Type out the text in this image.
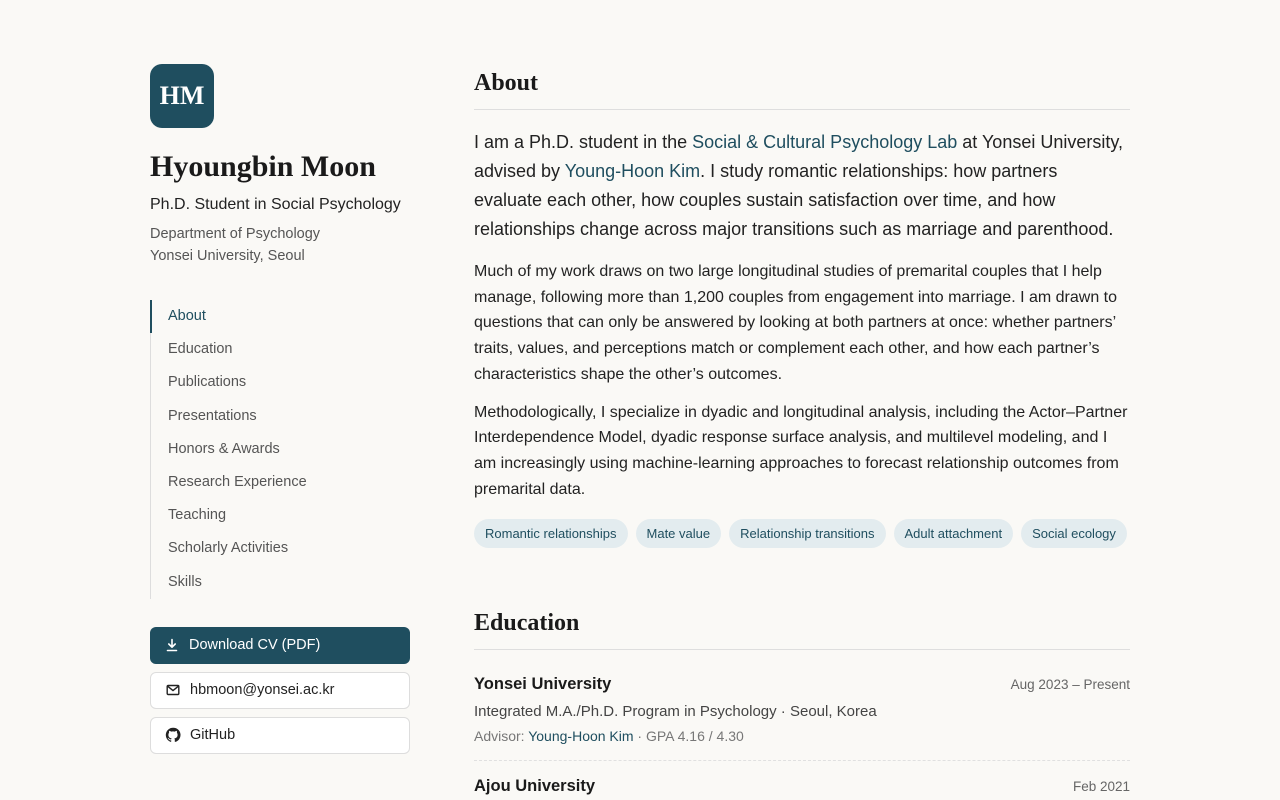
HM
Hyoungbin Moon
Ph.D. Student in Social Psychology
Department of Psychology
Yonsei University, Seoul
About
Education
Publications
Presentations
Honors & Awards
Research Experience
Teaching
Scholarly Activities
Skills
Download CV (PDF)
hbmoon@yonsei.ac.kr
GitHub
About

I am a Ph.D. student in the Social & Cultural Psychology Lab at Yonsei University, advised by Young-Hoon Kim. I study romantic relationships: how partners evaluate each other, how couples sustain satisfaction over time, and how relationships change across major transitions such as marriage and parenthood.

Much of my work draws on two large longitudinal studies of premarital couples that I help manage, following more than 1,200 couples from engagement into marriage. I am drawn to questions that can only be answered by looking at both partners at once: whether partners’ traits, values, and perceptions match or complement each other, and how each partner’s characteristics shape the other’s outcomes.

Methodologically, I specialize in dyadic and longitudinal analysis, including the Actor–Partner Interdependence Model, dyadic response surface analysis, and multilevel modeling, and I am increasingly using machine-learning approaches to forecast relationship outcomes from premarital data.

Romantic relationships	Mate value	Relationship transitions	Adult attachment	Social ecology
Education
Yonsei University	Aug 2023 – Present
Integrated M.A./Ph.D. Program in Psychology · Seoul, Korea
Advisor: Young-Hoon Kim · GPA 4.16 / 4.30
Ajou University	Feb 2021
